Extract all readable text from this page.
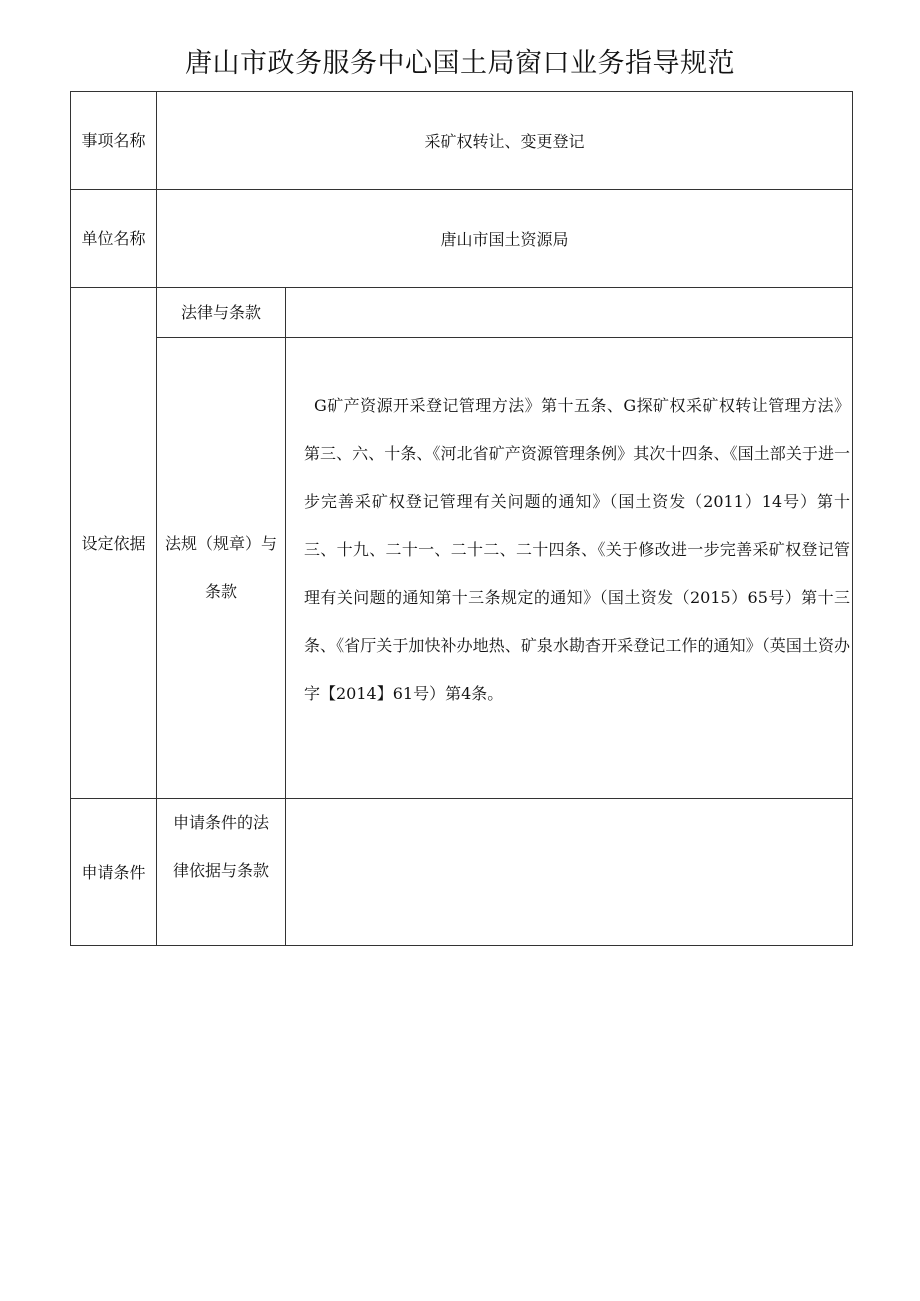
唐山市政务服务中心国土局窗口业务指导规范
事项名称	采矿权转让、变更登记	
单位名称	唐山市国土资源局	
设定依据	法律与条款	
	法规（规章）与条款	G矿产资源开采登记管理方法》第十五条、G探矿权采矿权转让管理方法》第三、六、十条、《河北省矿产资源管理条例》其次十四条、《国土部关于进一步完善采矿权登记管理有关问题的通知》（国土资发（2011）14号）第十三、十九、二十一、二十二、二十四条、《关于修改进一步完善采矿权登记管理有关问题的通知第十三条规定的通知》（国土资发（2015）65号）第十三条、《省厅关于加快补办地热、矿泉水勘杳开采登记工作的通知》（英国土资办字【2014】61号）第4条。

申请条件	申请条件的法律依据与条款	
